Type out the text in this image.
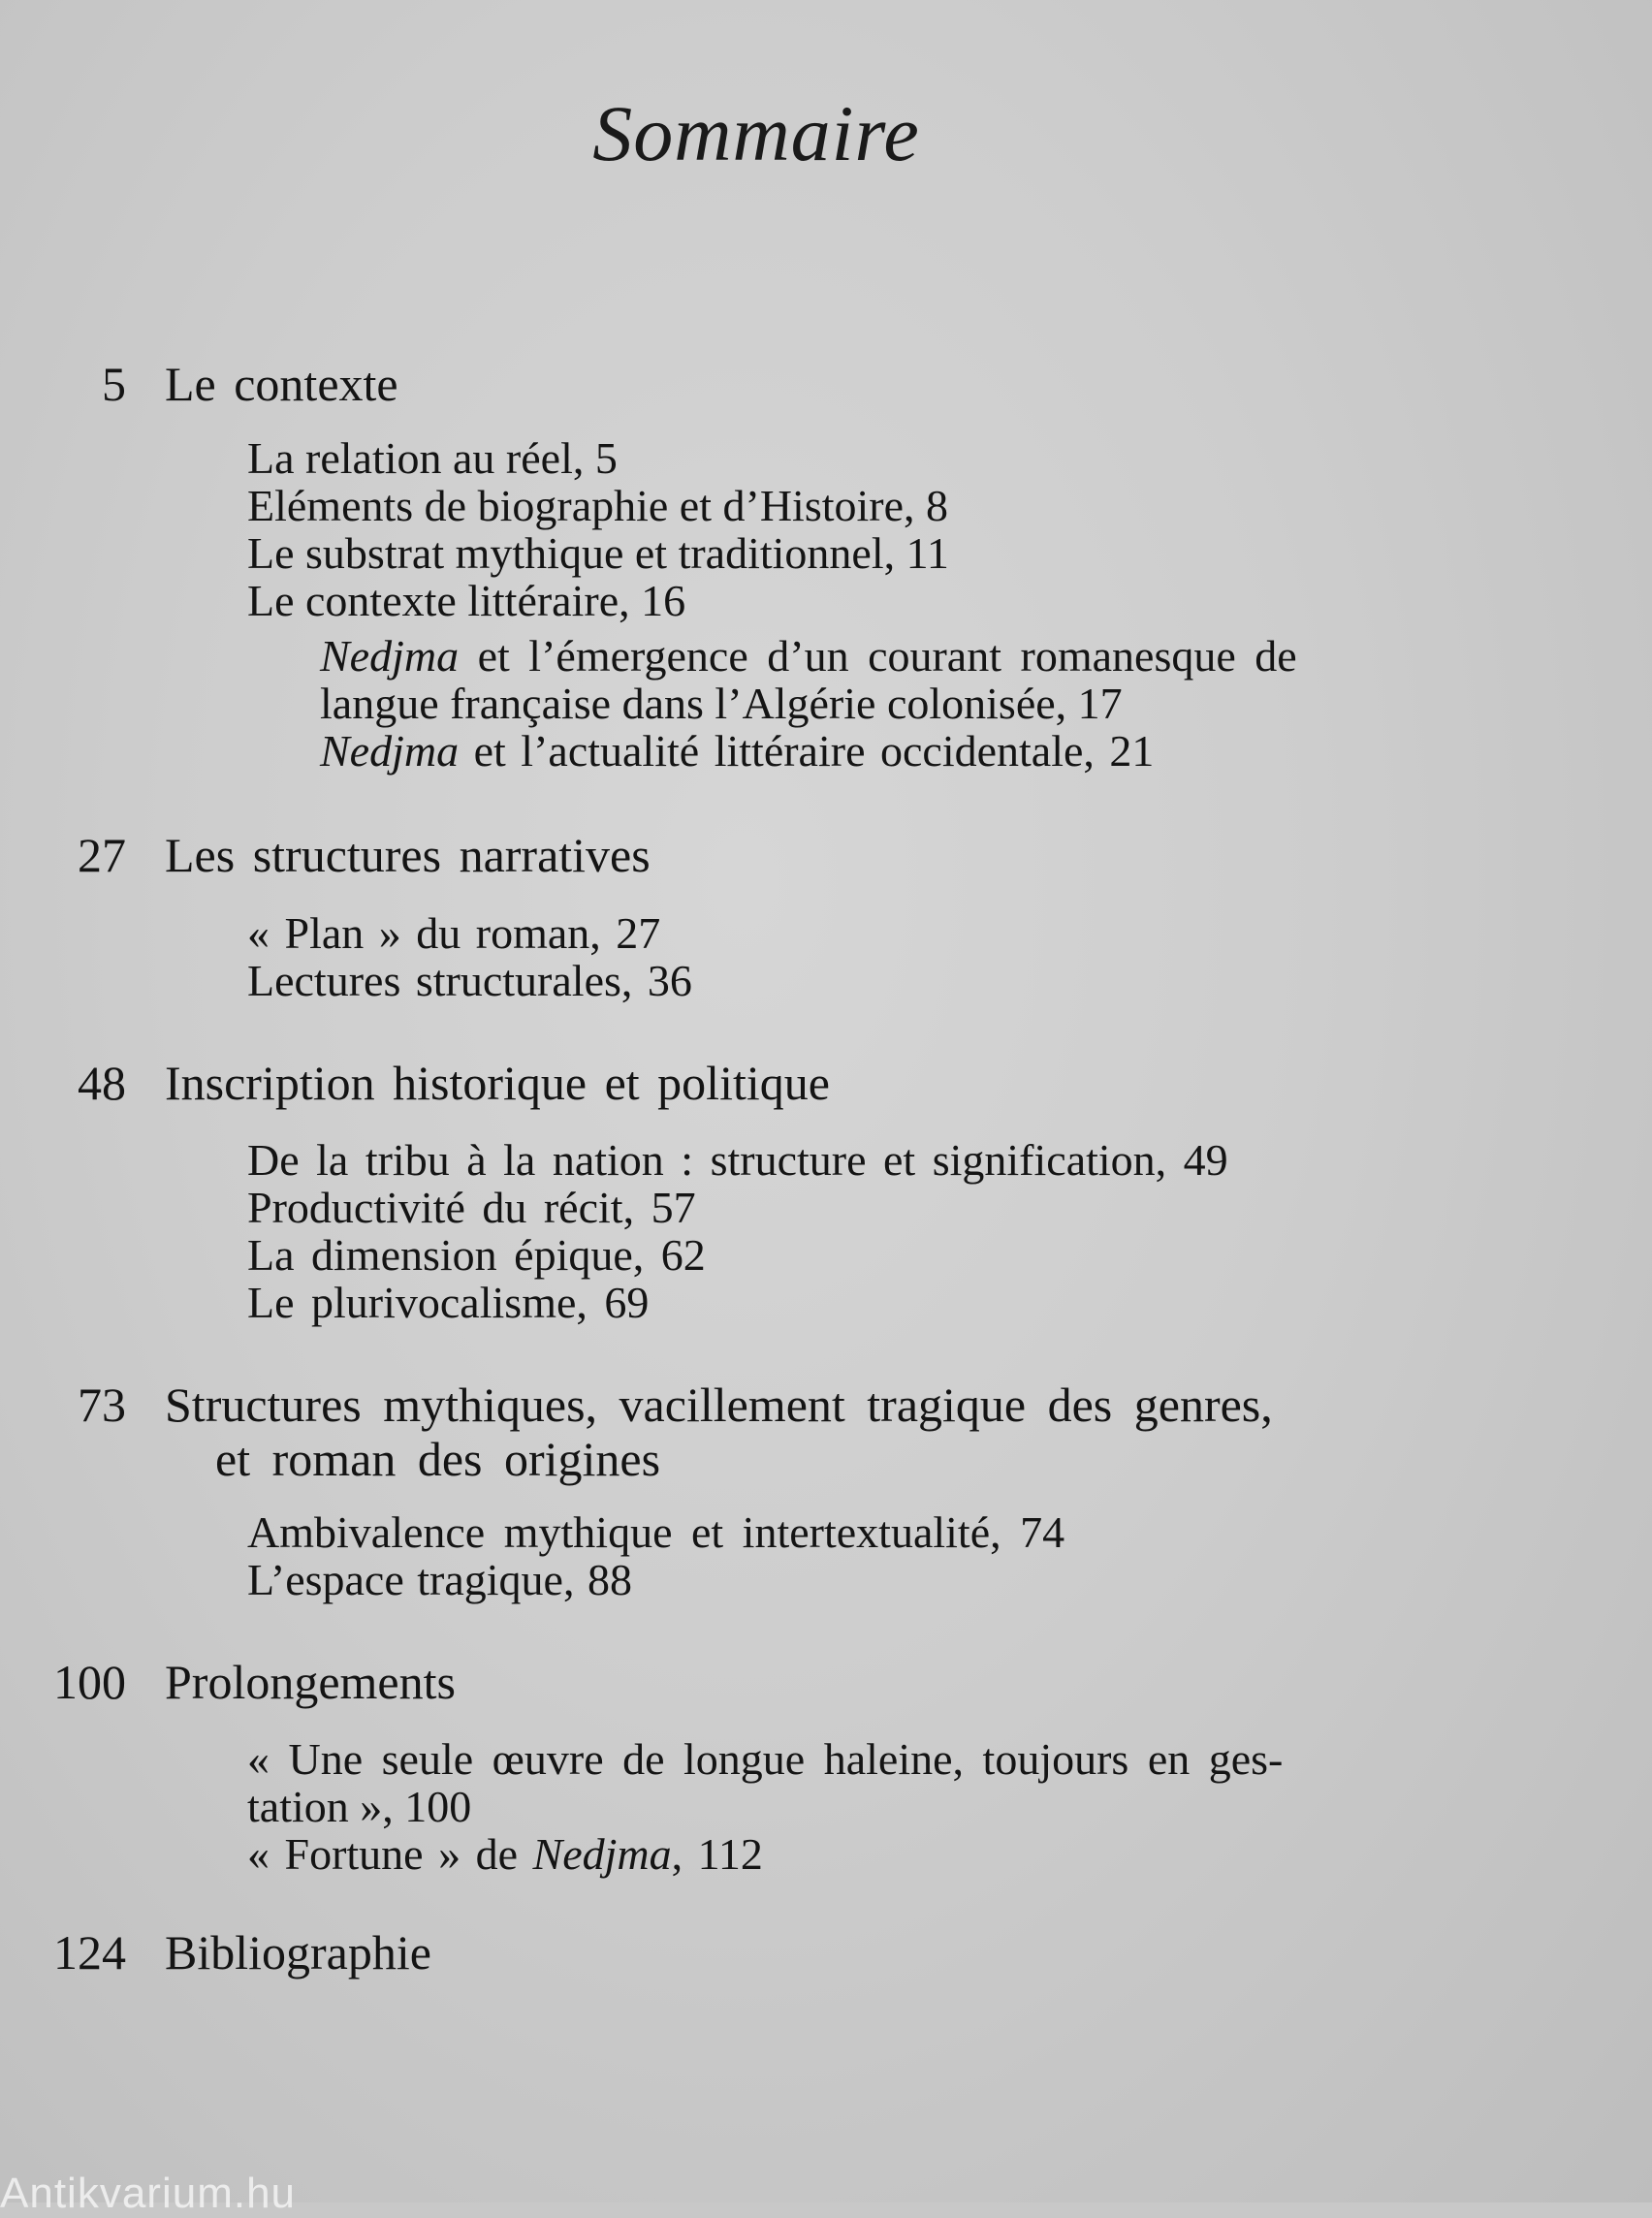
Sommaire
5 Le contexte
La relation au réel, 5
Eléments de biographie et d’Histoire, 8
Le substrat mythique et traditionnel, 11
Le contexte littéraire, 16
Nedjma et l’émergence d’un courant romanesque de
langue française dans l’Algérie colonisée, 17
Nedjma et l’actualité littéraire occidentale, 21
27 Les structures narratives
« Plan » du roman, 27
Lectures structurales, 36
48 Inscription historique et politique
De la tribu à la nation : structure et signification, 49
Productivité du récit, 57
La dimension épique, 62
Le plurivocalisme, 69
73 Structures mythiques, vacillement tragique des genres,
et roman des origines
Ambivalence mythique et intertextualité, 74
L’espace tragique, 88
100 Prolongements
« Une seule œuvre de longue haleine, toujours en ges-
tation », 100
« Fortune » de Nedjma, 112
124 Bibliographie
Antikvarium.hu
